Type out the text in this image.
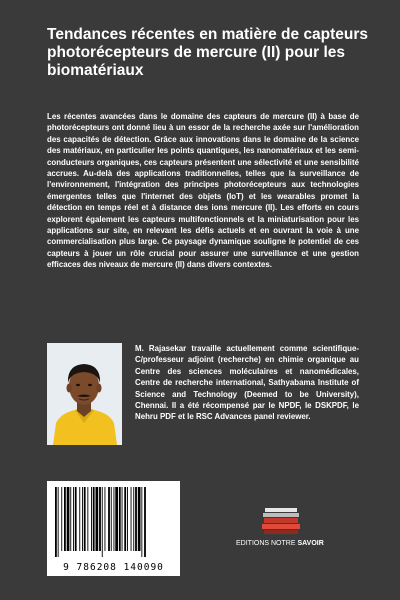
Tendances récentes en matière de capteurs photorécepteurs de mercure (II) pour les biomatériaux

Les récentes avancées dans le domaine des capteurs de mercure (II) à base de photorécepteurs ont donné lieu à un essor de la recherche axée sur l'amélioration des capacités de détection. Grâce aux innovations dans le domaine de la science des matériaux, en particulier les points quantiques, les nanomatériaux et les semi-conducteurs organiques, ces capteurs présentent une sélectivité et une sensibilité accrues. Au-delà des applications traditionnelles, telles que la surveillance de l'environnement, l'intégration des principes photorécepteurs aux technologies émergentes telles que l'internet des objets (IoT) et les wearables promet la détection en temps réel et à distance des ions mercure (II). Les efforts en cours explorent également les capteurs multifonctionnels et la miniaturisation pour les applications sur site, en relevant les défis actuels et en ouvrant la voie à une commercialisation plus large. Ce paysage dynamique souligne le potentiel de ces capteurs à jouer un rôle crucial pour assurer une surveillance et une gestion efficaces des niveaux de mercure (II) dans divers contextes.

M. Rajasekar travaille actuellement comme scientifique-C/professeur adjoint (recherche) en chimie organique au Centre des sciences moléculaires et nanomédicales, Centre de recherche international, Sathyabama Institute of Science and Technology (Deemed to be University), Chennai. Il a été récompensé par le NPDF, le DSKPDF, le Nehru PDF et le RSC Advances panel reviewer.

9 786208 140090
EDITIONS NOTRE SAVOIR
